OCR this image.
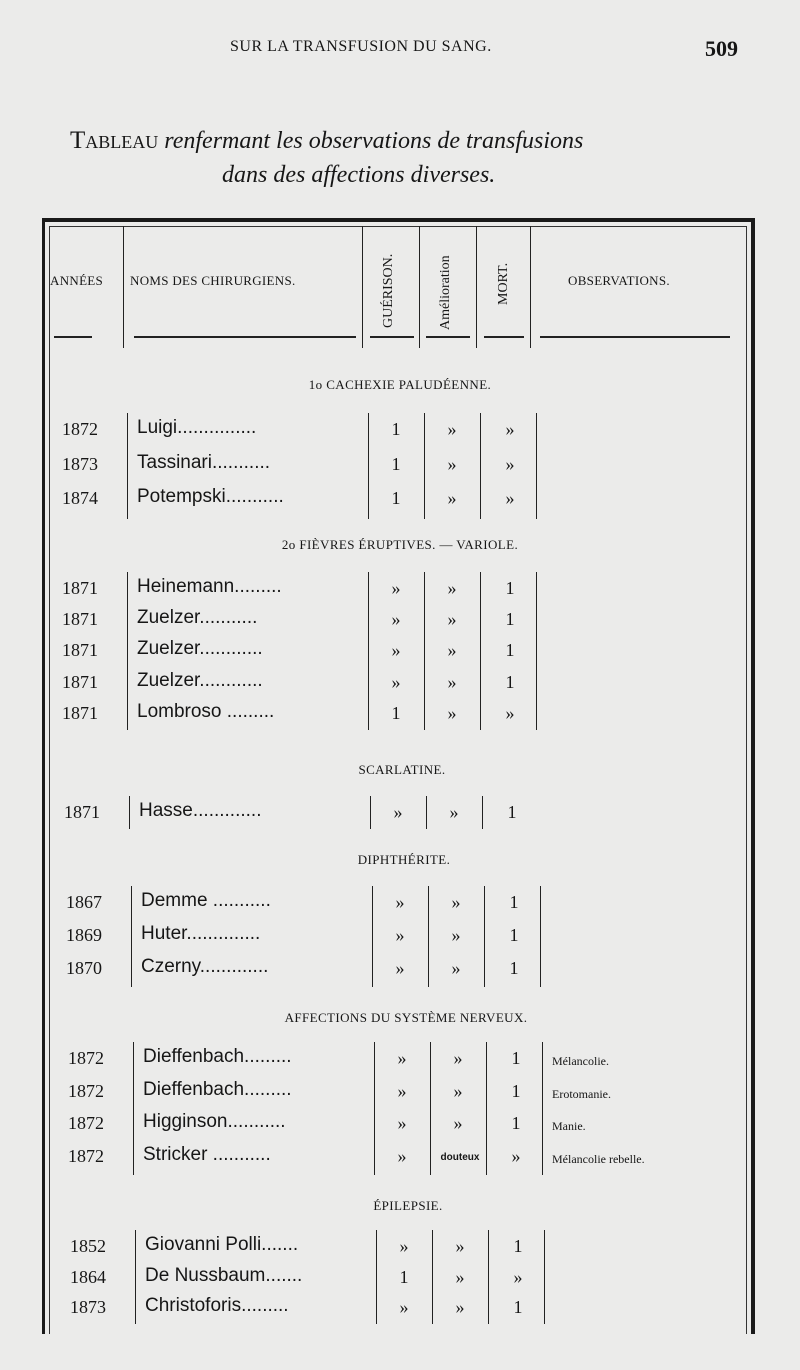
SUR LA TRANSFUSION DU SANG.	509
Tableau renfermant les observations de transfusions
dans des affections diverses.
ANNÉES NOMS DES CHIRURGIENS.	GUÉRISON.	Amélioration	MORT.	OBSERVATIONS.
1o CACHEXIE PALUDÉENNE.
1872 Luigi...............	1	»	»
1873 Tassinari...........	1	»	»
1874 Potempski...........	1	»	»
2o FIÈVRES ÉRUPTIVES. — VARIOLE.
1871 Heinemann.........	»	»	1
1871 Zuelzer...........	»	»	1
1871 Zuelzer............	»	»	1
1871 Zuelzer............	»	»	1
1871 Lombroso .........	1	»	»
SCARLATINE.
1871 Hasse.............	»	»	1
DIPHTHÉRITE.
1867 Demme ...........	»	»	1
1869 Huter..............	»	»	1
1870 Czerny.............	»	»	1
AFFECTIONS DU SYSTÈME NERVEUX.
1872 Dieffenbach.........	»	»	1	Mélancolie.
1872 Dieffenbach.........	»	»	1	Erotomanie.
1872 Higginson...........	»	»	1	Manie.
1872 Stricker ...........	»	douteux	»	Mélancolie rebelle.
ÉPILEPSIE.
1852 Giovanni Polli.......	»	»	1
1864 De Nussbaum.......	1	»	»
1873 Christoforis.........	»	»	1
